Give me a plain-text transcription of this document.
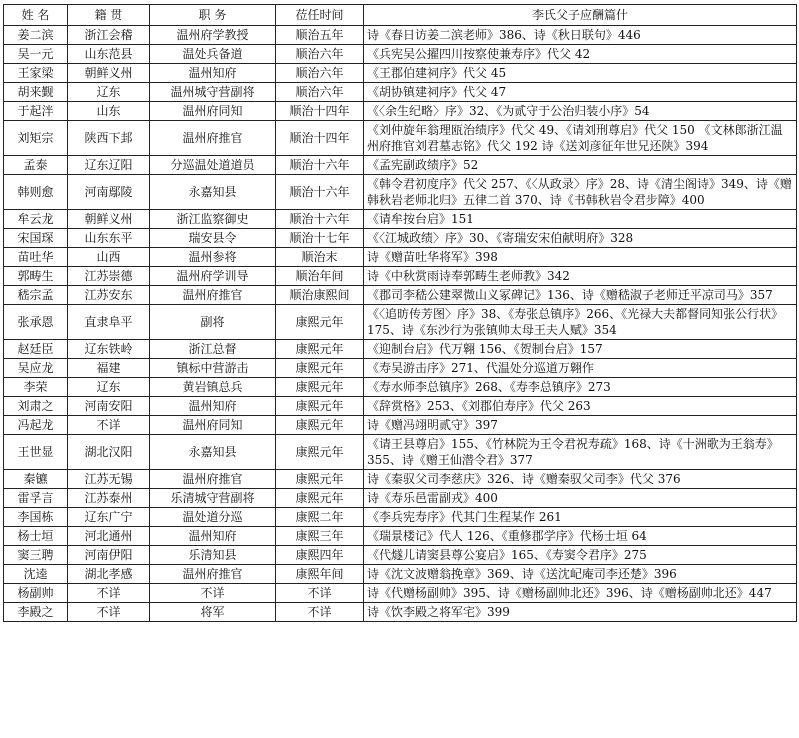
姓 名	籍 贯	职 务	莅任时间	李氏父子应酬篇什
姜二滨	浙江会稽	温州府学教授	顺治五年	诗《春日访姜二滨老师》386、诗《秋日联句》446
吴一元	山东范县	温处兵备道	顺治六年	《兵宪吴公擢四川按察使兼寿序》代父 42
王家梁	朝鲜义州	温州知府	顺治六年	《王郡伯建祠序》代父 45
胡来觐	辽东	温州城守营副将	顺治六年	《胡协镇建祠序》代父 47
于起泮	山东	温州府同知	顺治十四年	《〈余生纪略〉序》32、《为贰守于公治归装小序》54
刘矩宗	陕西下邽	温州府推官	顺治十四年	《刘仲旋年翁理瓯治绩序》代父 49、《请刘刑尊启》代父 150 《文林郎浙江温州府推官刘君墓志铭》代父 192 诗《送刘彦征年世兄还陕》394
孟泰	辽东辽阳	分巡温处道道员	顺治十六年	《孟宪副政绩序》52
韩则愈	河南鄢陵	永嘉知县	顺治十六年	《韩令君初度序》代父 257、《〈从政录〉序》28、诗《清尘阁诗》349、诗《赠韩秋岩老师北归》五律二首 370、诗《书韩秋岩令君步障》400
牟云龙	朝鲜义州	浙江监察御史	顺治十六年	《请牟按台启》151
宋国琛	山东东平	瑞安县令	顺治十七年	《〈江城政绩〉序》30、《寄瑞安宋伯献明府》328
苗吐华	山西	温州参将	顺治末	诗《赠苗吐华将军》398
郭畴生	江苏崇德	温州府学训导	顺治年间	诗《中秋赏雨诗奉郭畴生老师教》342
嵇宗孟	江苏安东	温州府推官	顺治康熙间	《郡司李嵇公建翠微山义冢碑记》136、诗《赠嵇淑子老师迁平凉司马》357
张承恩	直隶阜平	副将	康熙元年	《〈追昉传芳图〉序》38、《寿张总镇序》266、《光禄大夫都督同知张公行状》175、诗《东沙行为张镇帅太母王夫人赋》354
赵廷臣	辽东铁岭	浙江总督	康熙元年	《迎制台启》代万翱 156、《贺制台启》157
吴应龙	福建	镇标中营游击	康熙元年	《寿吴游击序》271、代温处分巡道万翱作
李荣	辽东	黄岩镇总兵	康熙元年	《寿水师李总镇序》268、《寿李总镇序》273
刘肃之	河南安阳	温州知府	康熙元年	《辞赏格》253、《刘郡伯寿序》代父 263
冯起龙	不详	温州府同知	康熙元年	诗《赠冯翊明贰守》397
王世显	湖北汉阳	永嘉知县	康熙元年	《请王县尊启》155、《竹林院为王令君祝寿疏》168、诗《十洲歌为王翁寿》355、诗《赠王仙潜令君》377
秦镳	江苏无锡	温州府推官	康熙元年	诗《秦驭父司李慈庆》326、诗《赠秦驭父司李》代父 376
雷孚言	江苏泰州	乐清城守营副将	康熙元年	诗《寿乐邑雷副戎》400
李国栋	辽东广宁	温处道分巡	康熙二年	《李兵宪寿序》代其门生程某作 261
杨士垣	河北通州	温州知府	康熙三年	《瑞景楼记》代人 126、《重修郡学序》代杨士垣 64
窦三聘	河南伊阳	乐清知县	康熙四年	《代燧儿请窦县尊公宴启》165、《寿窦令君序》275
沈逵	湖北孝感	温州府推官	康熙年间	诗《沈文波赠翁挽章》369、诗《送沈屺庵司李还楚》396
杨副帅	不详	不详	不详	诗《代赠杨副帅》395、诗《赠杨副帅北还》396、诗《赠杨副帅北还》447
李殿之	不详	将军	不详	诗《饮李殿之将军宅》399
